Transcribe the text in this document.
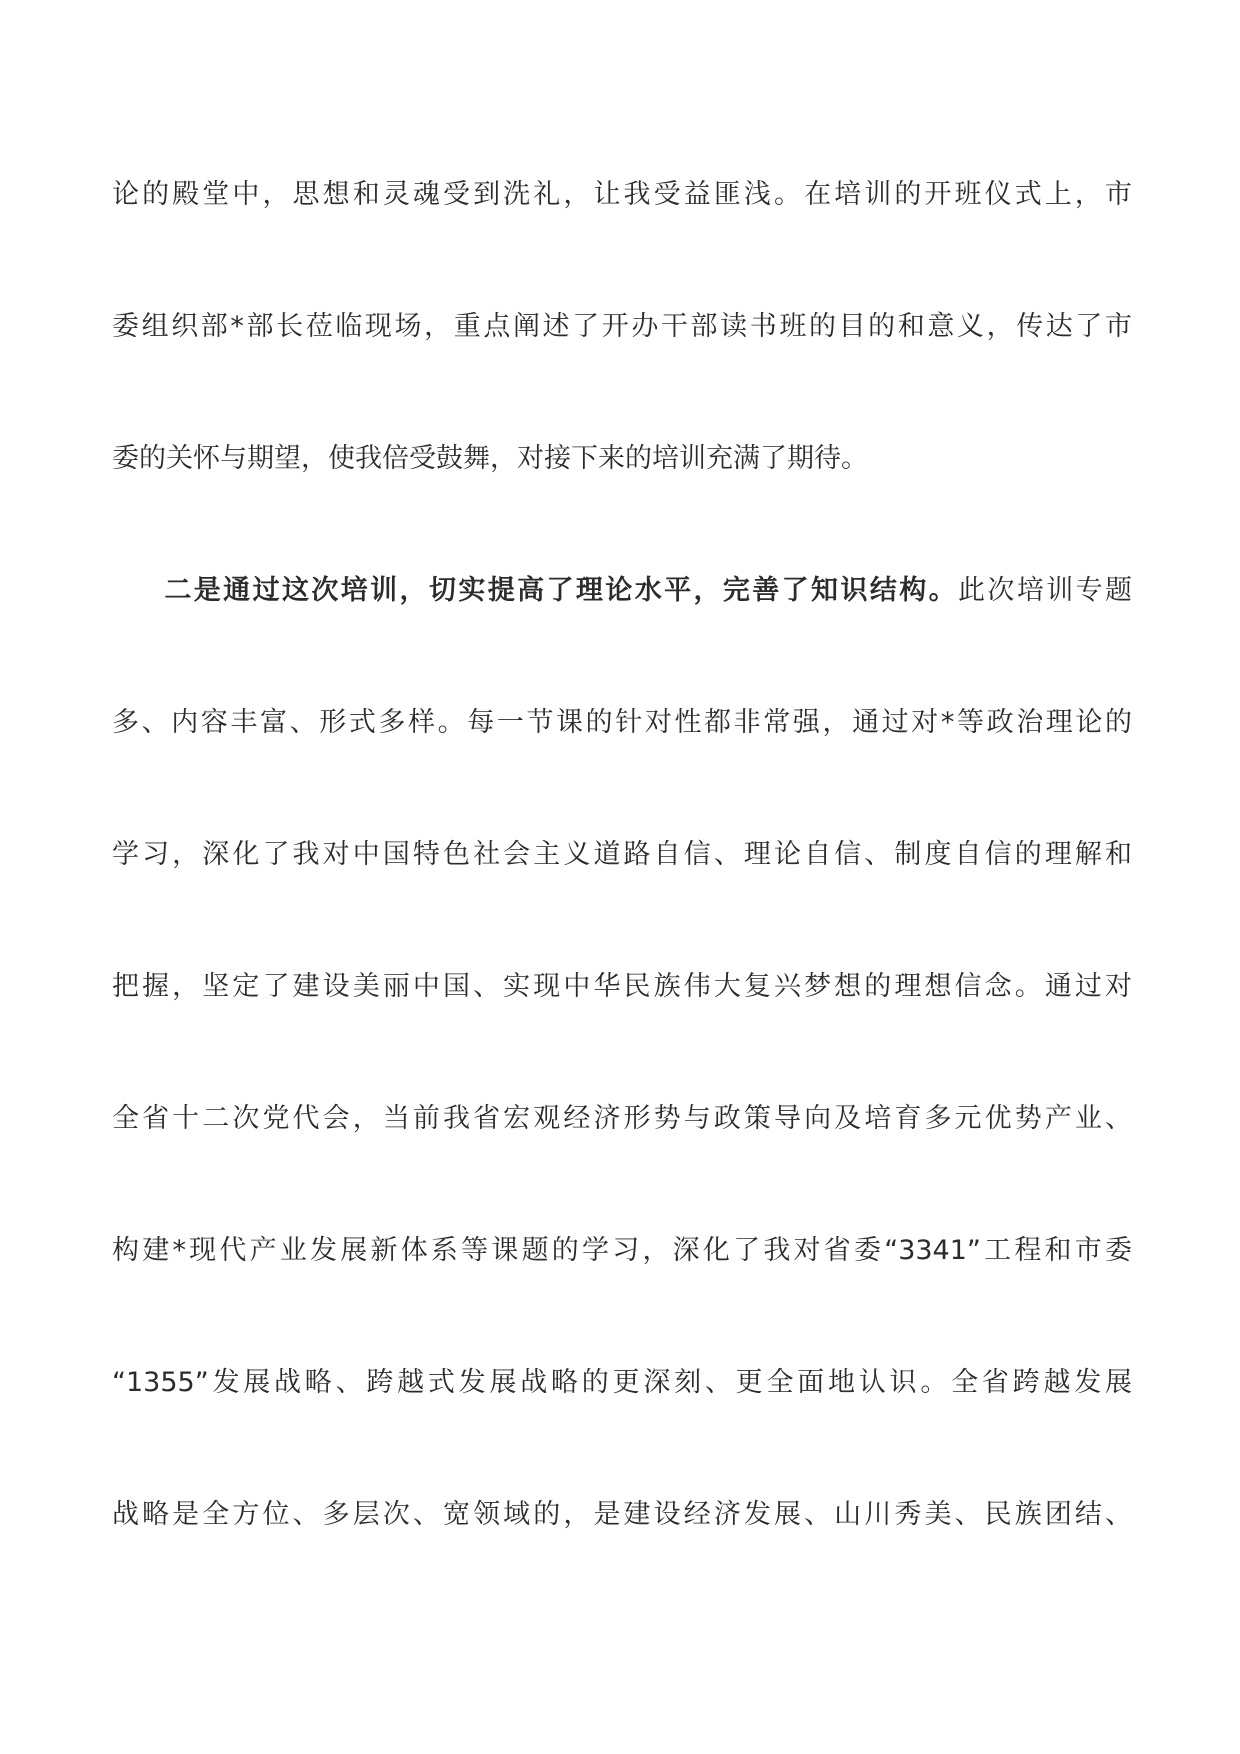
论的殿堂中，思想和灵魂受到洗礼，让我受益匪浅。在培训的开班仪式上，市
委组织部*部长莅临现场，重点阐述了开办干部读书班的目的和意义，传达了市
委的关怀与期望，使我倍受鼓舞，对接下来的培训充满了期待。
二是通过这次培训，切实提高了理论水平，完善了知识结构。此次培训专题
多、内容丰富、形式多样。每一节课的针对性都非常强，通过对*等政治理论的
学习，深化了我对中国特色社会主义道路自信、理论自信、制度自信的理解和
把握，坚定了建设美丽中国、实现中华民族伟大复兴梦想的理想信念。通过对
全省十二次党代会，当前我省宏观经济形势与政策导向及培育多元优势产业、
构建*现代产业发展新体系等课题的学习，深化了我对省委“3341”工程和市委
“1355”发展战略、跨越式发展战略的更深刻、更全面地认识。全省跨越发展
战略是全方位、多层次、宽领域的，是建设经济发展、山川秀美、民族团结、
